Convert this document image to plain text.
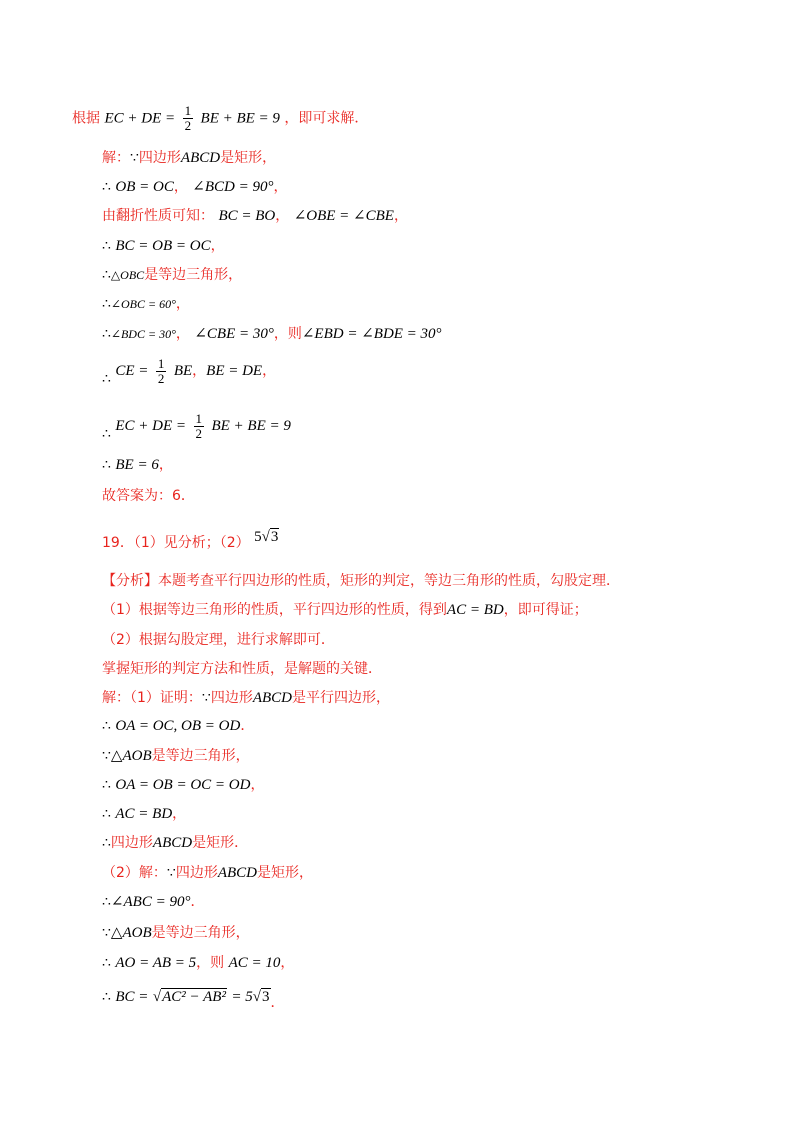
根据 EC + DE = $\frac{1}{2}$ BE + BE = 9 ，即可求解．
解：∵四边形ABCD是矩形，
∴ OB = OC， ∠BCD = 90°，
由翻折性质可知： BC = BO， ∠OBE = ∠CBE，
∴ BC = OB = OC，
∴△OBC是等边三角形，
∴∠OBC = 60°，
∴∠BDC = 30°， ∠CBE = 30°，则∠EBD = ∠BDE = 30°
∴ CE = $\frac{1}{2}$ BE，BE = DE，
∴ EC + DE = $\frac{1}{2}$ BE + BE = 9
∴ BE = 6，
故答案为：6．
19．（1）见分析；（2） 5√3
【分析】本题考查平行四边形的性质，矩形的判定，等边三角形的性质，勾股定理．
（1）根据等边三角形的性质，平行四边形的性质，得到AC = BD，即可得证；
（2）根据勾股定理，进行求解即可．
掌握矩形的判定方法和性质，是解题的关键．
解：（1）证明：∵四边形ABCD是平行四边形，
∴ OA = OC, OB = OD．
∵△AOB是等边三角形，
∴ OA = OB = OC = OD，
∴ AC = BD，
∴四边形ABCD是矩形．
（2）解：∵四边形ABCD是矩形，
∴∠ABC = 90°．
∵△AOB是等边三角形，
∴ AO = AB = 5，则 AC = 10，
∴ BC = √AC² − AB² = 5√3．
